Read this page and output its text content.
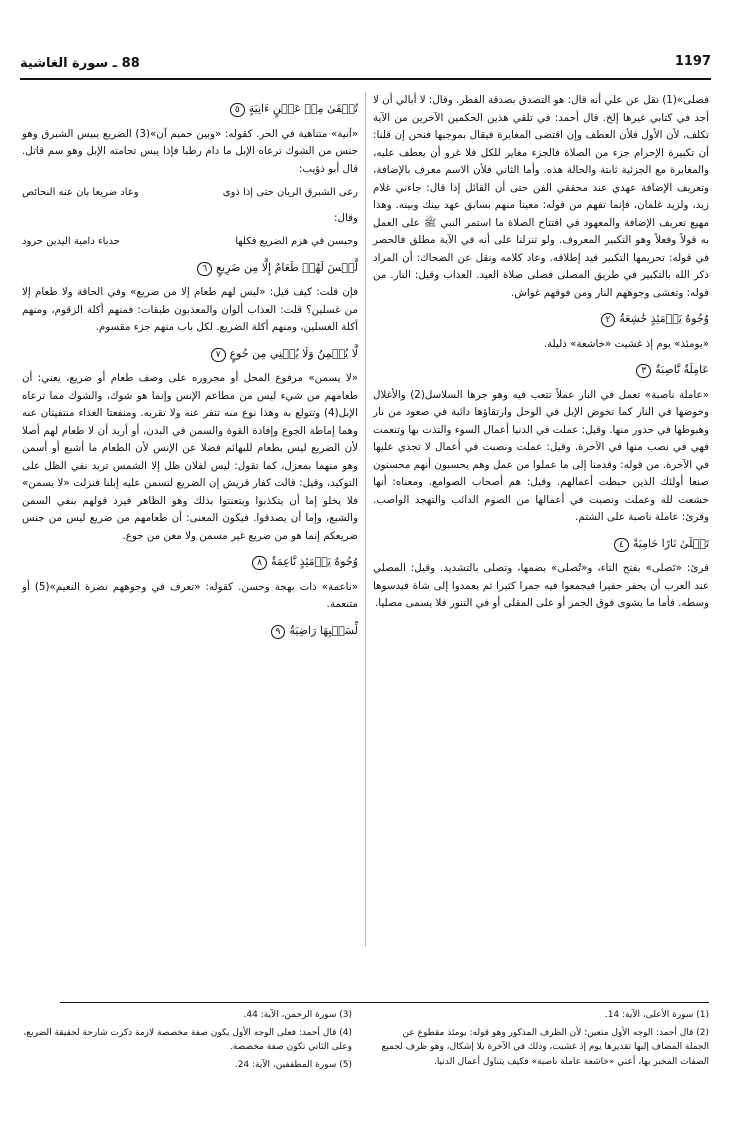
1197
88 ـ سورة الغاشية

فصلى»(1) نقل عن علي أنه قال: هو التصدق بصدقة الفطر. وقال: لا أبالي أن لا أجد في كتابي غيرها إلخ. قال أحمد: في تلقي هذين الحكمين الآخرين من الآية تكلف، لأن الأول فلأن العطف وإن اقتضى المغايرة فيقال بموجبها فنحن إن قلنا: أن تكبيرة الإحرام جزء من الصلاة فالجزء مغاير للكل فلا غرو أن يعطف عليه، والمغايرة مع الجزئية ثابتة والحالة هذه. وأما الثاني فلأن الاسم معرف بالإضافة، وتعريف الإضافة عهدي عند محققي الفن حتى أن القائل إذا قال: جاءني غلام زيد، ولزيد غلمان، فإنما تفهم من قوله: معينا منهم بسابق عهد بينك وبينه. وهذا مهيع تعريف الإضافة والمعهود في افتتاح الصلاة ما استمر النبي ﷺ على العمل به قولاً وفعلاً وهو التكبير المعروف. ولو تنزلنا على أنه في الآية مطلق فالحصر في قوله: تحريمها التكبير قيد إطلاقه. وعاد كلامه ونقل عن الضحاك: أن المراد ذكر الله بالتكبير في طريق المصلى فصلى صلاة العيد. العذاب وقيل: النار. من قوله: وتغشى وجوههم النار ومن فوقهم غواش.

وُجُوهٌ يَوۡمَئِذٍ خَٰشِعَةٌ٢

«يومئذ» يوم إذ غشيت «خاشعة» ذليلة.

عَامِلَةٌ نَّاصِبَةٌ٣

«عاملة ناصبة» تعمل في النار عملاً تتعب فيه وهو جرها السلاسل(2) والأغلال وخوضها في النار كما تخوض الإبل في الوحل وارتقاؤها دائبة في صعود من نار وهبوطها في حدور منها. وقيل: عملت في الدنيا أعمال السوء والتذت بها وتنعمت فهي في نصب منها في الآخرة. وقيل: عملت ونصبت في أعمال لا تجدي عليها في الآخرة. من قوله: وقدمنا إلى ما عملوا من عمل وهم يحسبون أنهم محسنون صنعا أولئك الذين حبطت أعمالهم. وقيل: هم أصحاب الصوامع. ومعناه: أنها خشعت لله وعملت ونصبت في أعمالها من الصوم الدائب والتهجد الواصب. وقرئ: عاملة ناصبة على الشتم.

تَصۡلَىٰ نَارًا حَامِيَةً٤

قرئ: «تَصلى» بفتح التاء، و«تُصلى» بضمها، وتصلى بالتشديد. وقيل: المصلي عند العرب أن يحفر حفيرا فيجمعوا فيه جمرا كثيرا ثم يعمدوا إلى شاة فيدسوها وسطه. فأما ما يشوى فوق الجمر أو على المقلى أو في التنور فلا يسمى مصليا.

تُسۡقَىٰ مِنۡ عَيۡنٍ ءَانِيَةٍ٥

«آنية» متناهية في الحر. كقوله: «وبين حميم آن»(3) الضريع يبيس الشبرق وهو جنس من الشوك ترعاه الإبل ما دام رطبا فإذا يبس تحامته الإبل وهو سم قاتل. قال أبو ذؤيب:

رعى الشبرق الريان حتى إذا ذوى
وعاد ضريعا بان عنه النحائص

وقال:

وحبسن في هزم الضريع فكلها
حدباء دامية اليدين حرود
لَّيۡسَ لَهُمۡ طَعَامٌ إِلَّا مِن ضَرِيعٍ٦

فإن قلت: كيف قيل: «ليس لهم طعام إلا من ضريع» وفي الحاقة ولا طعام إلا من غسلين؟ قلت: العذاب ألوان والمعذبون طبقات: فمنهم أكلة الزقوم، ومنهم أكلة الغسلين، ومنهم أكلة الضريع. لكل باب منهم جزء مقسوم.

لَّا يُسۡمِنُ وَلَا يُغۡنِي مِن جُوعٍ٧

«لا يسمن» مرفوع المحل أو مجروره على وصف طعام أو ضريع، يعني: أن طعامهم من شيء ليس من مطاعم الإنس وإنما هو شوك، والشوك مما ترعاه الإبل(4) وتتولع به وهذا نوع منه تنفر عنه ولا تقربه. ومنفعتا الغذاء منتفيتان عنه وهما إماطة الجوع وإفادة القوة والسمن في البدن، أو أريد أن لا طعام لهم أصلا لأن الضريع ليس بطعام للبهائم فضلا عن الإنس لأن الطعام ما أشبع أو أسمن وهو منهما بمعزل، كما تقول: ليس لفلان ظل إلا الشمس تريد نفي الظل على التوكيد، وقيل: قالت كفار قريش إن الضريع لتسمن عليه إبلنا فنزلت «لا يسمن» فلا يخلو إما أن يتكذبوا ويتعنتوا بذلك وهو الظاهر فيرد قولهم بنفي السمن والشبع، وإما أن يصدقوا. فيكون المعنى: أن طعامهم من ضريع ليس من جنس ضريعكم إنما هو من ضريع غير مسمن ولا مغن من جوع.

وُجُوهٌ يَوۡمَئِذٍ نَّاعِمَةٌ٨

«ناعمة» ذات بهجة وحسن. كقوله: «تعرف في وجوههم نضرة النعيم»(5) أو متنعمة.

لِّسَعۡيِهَا رَاضِيَةٌ٩

(1) سورة الأعلى، الآية: 14.

(2) قال أحمد: الوجه الأول متعين؛ لأن الظرف المذكور وهو قوله: يومئذ مقطوع عن الجملة المضاف إليها تقديرها يوم إذ غشيت، وذلك في الآخرة بلا إشكال، وهو ظرف لجميع الصفات المخبر بها، أعني «خاشعة عاملة ناصبة» فكيف يتناول أعمال الدنيا.

(3) سورة الرحمن، الآية: 44.

(4) قال أحمد: فعلى الوجه الأول يكون صفة مخصصة لازمة ذكرت شارحة لحقيقة الضريع، وعلى الثاني تكون صفة مخصصة.

(5) سورة المطففين، الآية: 24.
